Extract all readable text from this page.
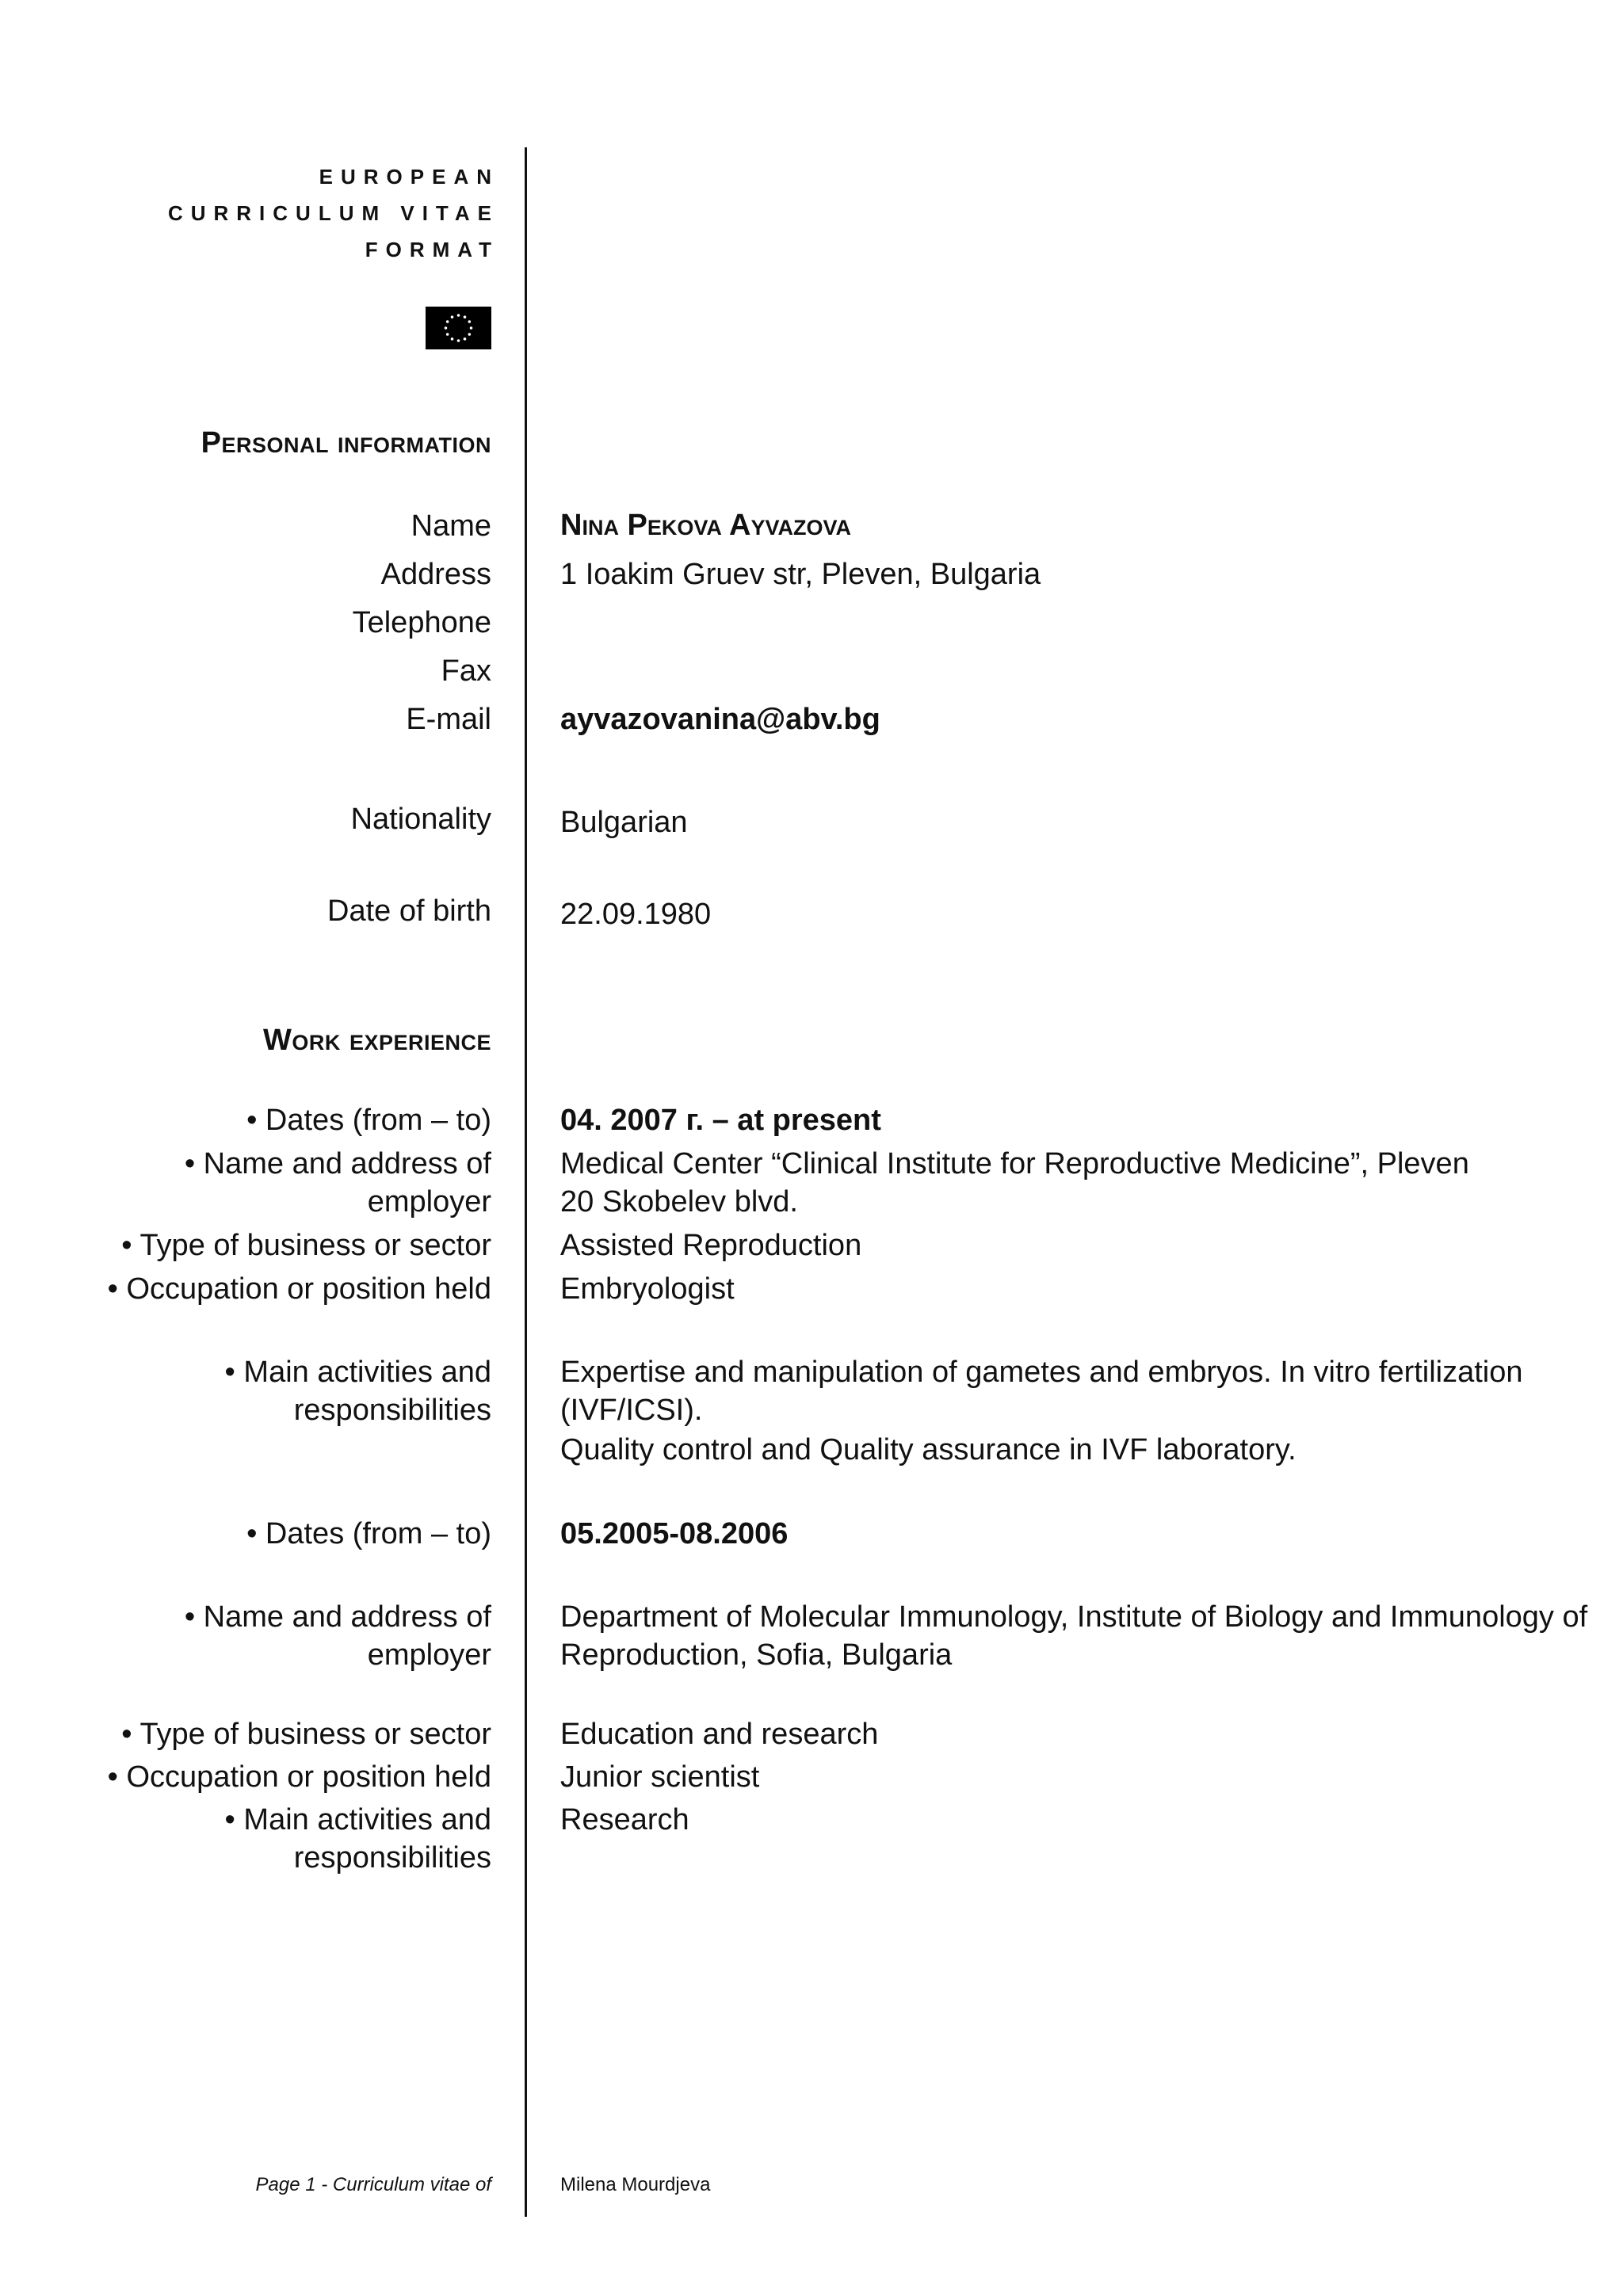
EUROPEAN
CURRICULUM VITAE
FORMAT
Personal information
Name Nina Pekova Ayvazova
Address 1 Ioakim Gruev str, Pleven, Bulgaria
Telephone
Fax
E-mail ayvazovanina@abv.bg
Nationality Bulgarian
Date of birth 22.09.1980
Work experience
• Dates (from – to) 04. 2007 г. – at present
• Name and address of
employer
Medical Center “Clinical Institute for Reproductive Medicine”, Pleven
20 Skobelev blvd.
• Type of business or sector Assisted Reproduction
• Occupation or position held Embryologist
• Main activities and
responsibilities
Expertise and manipulation of gametes and embryos. In vitro fertilization
(IVF/ICSI).
Quality control and Quality assurance in IVF laboratory.
• Dates (from – to) 05.2005-08.2006
• Name and address of
employer
Department of Molecular Immunology, Institute of Biology and Immunology of
Reproduction, Sofia, Bulgaria
• Type of business or sector Education and research
• Occupation or position held Junior scientist
• Main activities and
responsibilities
Research
Page 1 - Curriculum vitae of	Milena Mourdjeva
